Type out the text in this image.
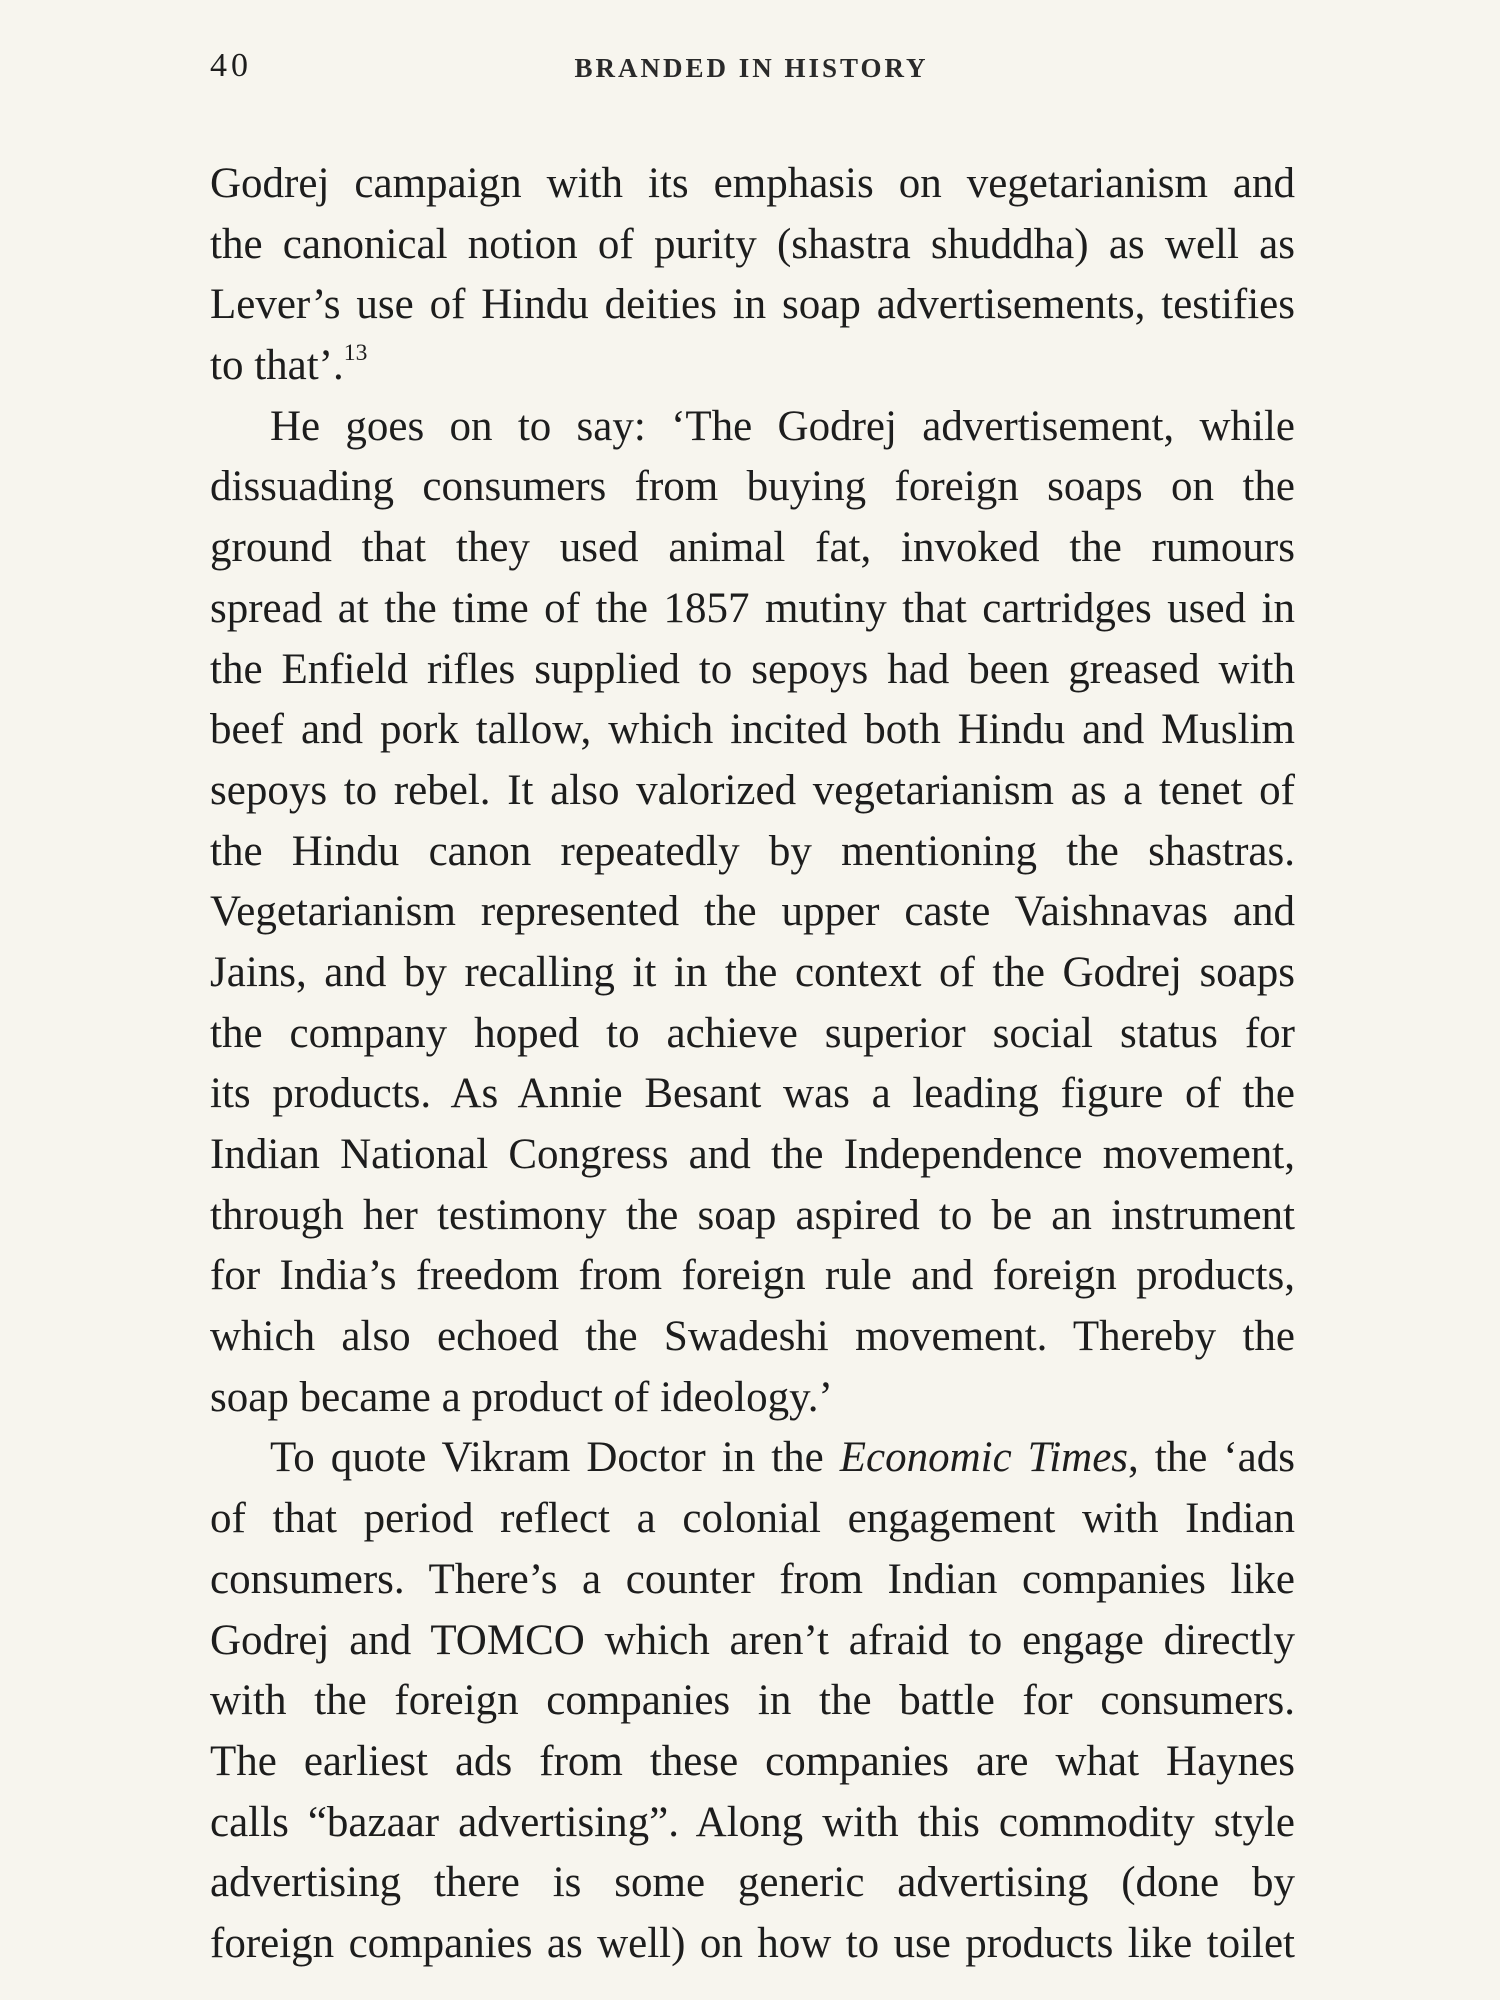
40	BRANDED IN HISTORY
Godrej campaign with its emphasis on vegetarianism and
the canonical notion of purity (shastra shuddha) as well as
Lever’s use of Hindu deities in soap advertisements, testifies
to that’.$^{13}$
He goes on to say: ‘The Godrej advertisement, while
dissuading consumers from buying foreign soaps on the
ground that they used animal fat, invoked the rumours
spread at the time of the 1857 mutiny that cartridges used in
the Enfield rifles supplied to sepoys had been greased with
beef and pork tallow, which incited both Hindu and Muslim
sepoys to rebel. It also valorized vegetarianism as a tenet of
the Hindu canon repeatedly by mentioning the shastras.
Vegetarianism represented the upper caste Vaishnavas and
Jains, and by recalling it in the context of the Godrej soaps
the company hoped to achieve superior social status for
its products. As Annie Besant was a leading figure of the
Indian National Congress and the Independence movement,
through her testimony the soap aspired to be an instrument
for India’s freedom from foreign rule and foreign products,
which also echoed the Swadeshi movement. Thereby the
soap became a product of ideology.’
To quote Vikram Doctor in the Economic Times, the ‘ads
of that period reflect a colonial engagement with Indian
consumers. There’s a counter from Indian companies like
Godrej and TOMCO which aren’t afraid to engage directly
with the foreign companies in the battle for consumers.
The earliest ads from these companies are what Haynes
calls “bazaar advertising”. Along with this commodity style
advertising there is some generic advertising (done by
foreign companies as well) on how to use products like toilet
